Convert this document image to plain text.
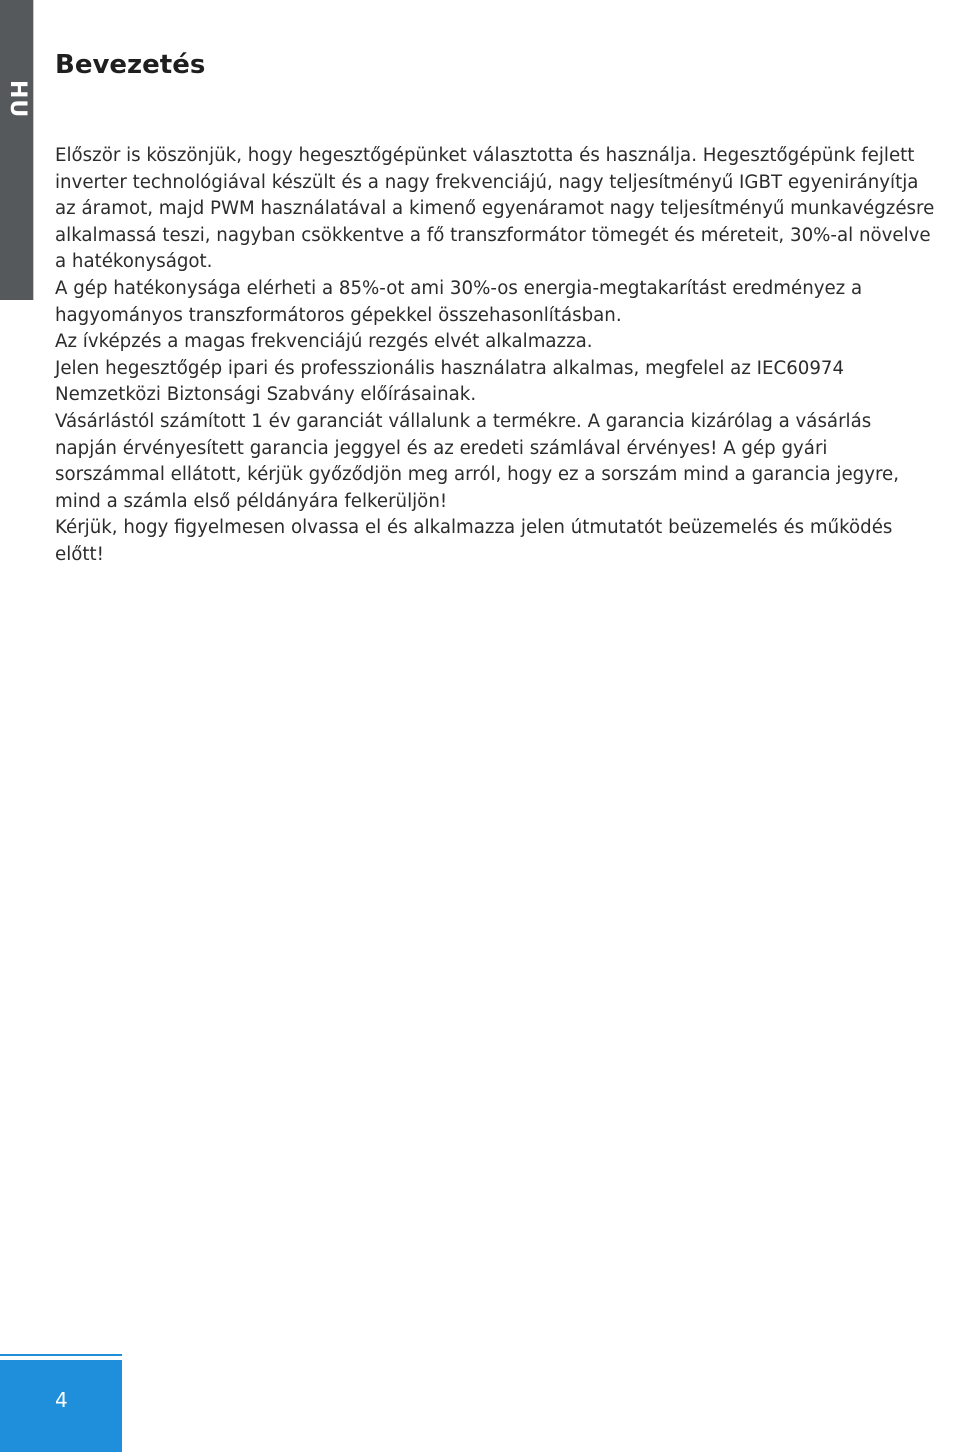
HU
Bevezetés

Először is köszönjük, hogy hegesztőgépünket választotta és használja. Hegesztőgépünk fejlett inverter technológiával készült és a nagy frekvenciájú, nagy teljesítményű IGBT egyenirányítja az áramot, majd PWM használatával a kimenő egyenáramot nagy teljesítményű munkavégzésre alkalmassá teszi, nagyban csökkentve a fő transzformátor tömegét és méreteit, 30%-al növelve a hatékonyságot.

A gép hatékonysága elérheti a 85%-ot ami 30%-os energia-megtakarítást eredményez a hagyományos transzformátoros gépekkel összehasonlításban.

Az ívképzés a magas frekvenciájú rezgés elvét alkalmazza.

Jelen hegesztőgép ipari és professzionális használatra alkalmas, megfelel az IEC60974 Nemzetközi Biztonsági Szabvány előírásainak.

Vásárlástól számított 1 év garanciát vállalunk a termékre. A garancia kizárólag a vásárlás napján érvényesített garancia jeggyel és az eredeti számlával érvényes! A gép gyári sorszámmal ellátott, kérjük győződjön meg arról, hogy ez a sorszám mind a garancia jegyre, mind a számla első példányára felkerüljön!

Kérjük, hogy figyelmesen olvassa el és alkalmazza jelen útmutatót beüzemelés és működés előtt!

4
